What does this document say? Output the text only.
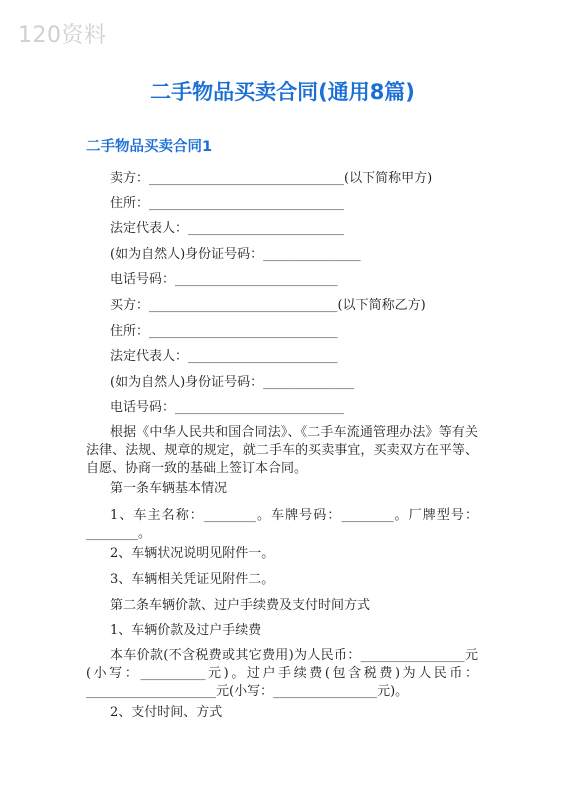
120资料
二手物品买卖合同(通用8篇)
二手物品买卖合同1
卖方：______________________________(以下简称甲方)
住所：______________________________
法定代表人：________________________
(如为自然人)身份证号码：_______________
电话号码：_________________________
买方：_____________________________(以下简称乙方)
住所：_____________________________
法定代表人：_______________________
(如为自然人)身份证号码：______________
电话号码：__________________________
根据《中华人民共和国合同法》、《二手车流通管理办法》等有关法律、法规、规章的规定，就二手车的买卖事宜，买卖双方在平等、自愿、协商一致的基础上签订本合同。
第一条车辆基本情况
1、车主名称：________。车牌号码：________。厂牌型号：________。
2、车辆状况说明见附件一。
3、车辆相关凭证见附件二。
第二条车辆价款、过户手续费及支付时间方式
1、车辆价款及过户手续费
本车价款(不含税费或其它费用)为人民币：________________元(小写：__________元)。过户手续费(包含税费)为人民币：____________________元(小写：________________元)。
2、支付时间、方式
